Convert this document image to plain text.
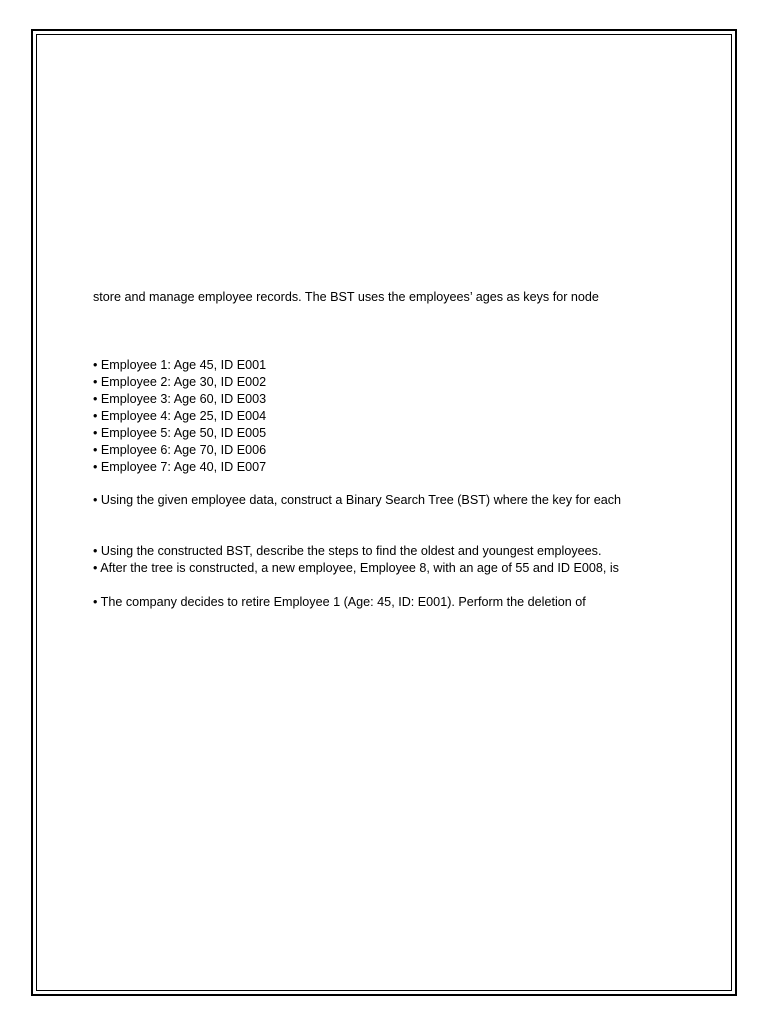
store and manage employee records. The BST uses the employees’ ages as keys for node
• Employee 1: Age 45, ID E001
• Employee 2: Age 30, ID E002
• Employee 3: Age 60, ID E003
• Employee 4: Age 25, ID E004
• Employee 5: Age 50, ID E005
• Employee 6: Age 70, ID E006
• Employee 7: Age 40, ID E007
• Using the given employee data, construct a Binary Search Tree (BST) where the key for each
• Using the constructed BST, describe the steps to find the oldest and youngest employees.
• After the tree is constructed, a new employee, Employee 8, with an age of 55 and ID E008, is
• The company decides to retire Employee 1 (Age: 45, ID: E001). Perform the deletion of
